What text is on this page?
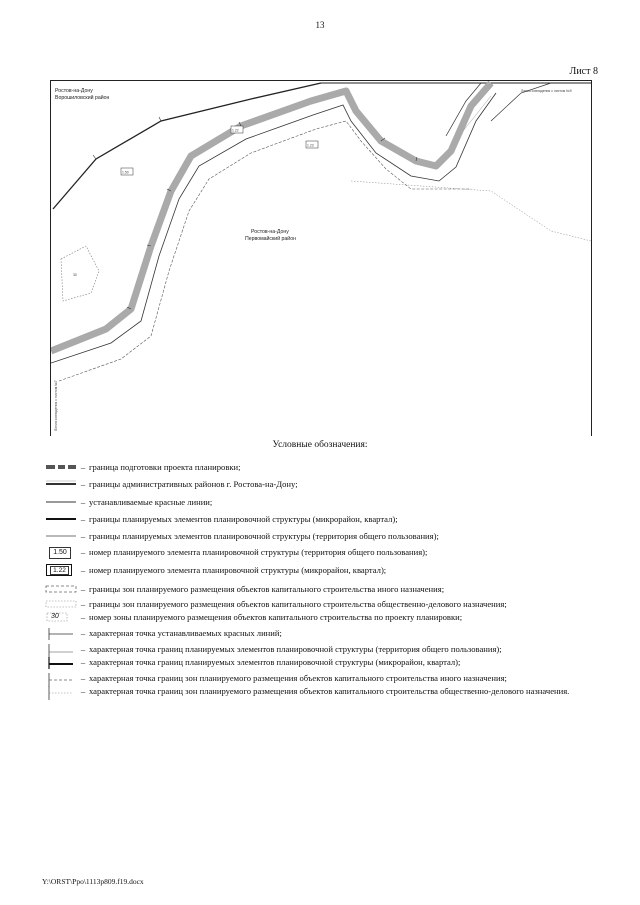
13
Лист 8
1.50
1.22
1.23
30
Ростов-на-Дону
Ворошиловский район
Ростов-на-Дону
Первомайский район
Линия совпадения с листом №9
Линия совпадения с листом №7
Условные обозначения:
– граница подготовки проекта планировки;
– границы административных районов г. Ростова-на-Дону;
– устанавливаемые красные линии;
– границы планируемых элементов планировочной структуры (микрорайон, квартал);
– границы планируемых элементов планировочной структуры (территория общего пользования);
1.50	– номер планируемого элемента планировочной структуры (территория общего пользования);
1.22	– номер планируемого элемента планировочной структуры (микрорайон, квартал);
– границы зон планируемого размещения объектов капитального строительства иного назначения;
– границы зон планируемого размещения объектов капитального строительства общественно-делового назначения;
30	– номер зоны планируемого размещения объектов капитального строительства по проекту планировки;
– характерная точка устанавливаемых красных линий;
– характерная точка границ планируемых элементов планировочной структуры (территория общего пользования);
– характерная точка границ планируемых элементов планировочной структуры (микрорайон, квартал);
– характерная точка границ зон планируемого размещения объектов капитального строительства иного назначения;
– характерная точка границ зон планируемого размещения объектов капитального строительства общественно-делового назначения.
Y:\ORST\Ppo\1113p809.f19.docx
